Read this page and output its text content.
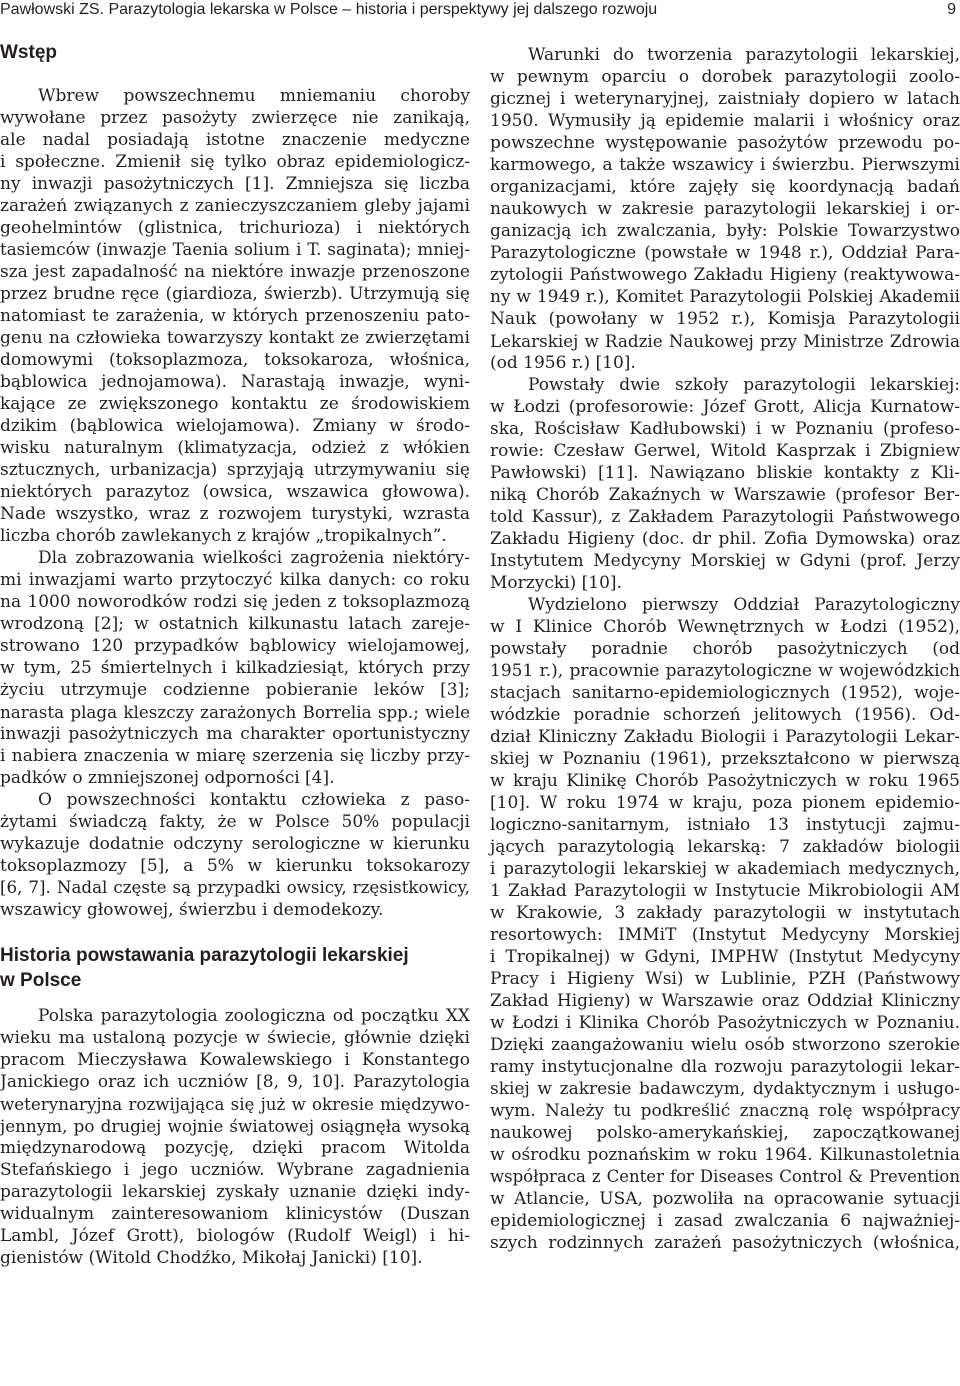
Pawłowski ZS. Parazytologia lekarska w Polsce – historia i perspektywy jej dalszego rozwoju	9
Wstęp
Wbrew powszechnemu mniemaniu choroby
wywołane przez pasożyty zwierzęce nie zanikają,
ale nadal posiadają istotne znaczenie medyczne
i społeczne. Zmienił się tylko obraz epidemiologicz-
ny inwazji pasożytniczych [1]. Zmniejsza się liczba
zarażeń związanych z zanieczyszczaniem gleby jajami
geohelmintów (glistnica, trichurioza) i niektórych
tasiemców (inwazje Taenia solium i T. saginata); mniej-
sza jest zapadalność na niektóre inwazje przenoszone
przez brudne ręce (giardioza, świerzb). Utrzymują się
natomiast te zarażenia, w których przenoszeniu pato-
genu na człowieka towarzyszy kontakt ze zwierzętami
domowymi (toksoplazmoza, toksokaroza, włośnica,
bąblowica jednojamowa). Narastają inwazje, wyni-
kające ze zwiększonego kontaktu ze środowiskiem
dzikim (bąblowica wielojamowa). Zmiany w środo-
wisku naturalnym (klimatyzacja, odzież z włókien
sztucznych, urbanizacja) sprzyjają utrzymywaniu się
niektórych parazytoz (owsica, wszawica głowowa).
Nade wszystko, wraz z rozwojem turystyki, wzrasta
liczba chorób zawlekanych z krajów „tropikalnych”.
Dla zobrazowania wielkości zagrożenia niektóry-
mi inwazjami warto przytoczyć kilka danych: co roku
na 1000 noworodków rodzi się jeden z toksoplazmozą
wrodzoną [2]; w ostatnich kilkunastu latach zareje-
strowano 120 przypadków bąblowicy wielojamowej,
w tym, 25 śmiertelnych i kilkadziesiąt, których przy
życiu utrzymuje codzienne pobieranie leków [3];
narasta plaga kleszczy zarażonych Borrelia spp.; wiele
inwazji pasożytniczych ma charakter oportunistyczny
i nabiera znaczenia w miarę szerzenia się liczby przy-
padków o zmniejszonej odporności [4].
O powszechności kontaktu człowieka z paso-
żytami świadczą fakty, że w Polsce 50% populacji
wykazuje dodatnie odczyny serologiczne w kierunku
toksoplazmozy [5], a 5% w kierunku toksokarozy
[6, 7]. Nadal częste są przypadki owsicy, rzęsistkowicy,
wszawicy głowowej, świerzbu i demodekozy.
Historia powstawania parazytologii lekarskiej
w Polsce
Polska parazytologia zoologiczna od początku XX
wieku ma ustaloną pozycje w świecie, głównie dzięki
pracom Mieczysława Kowalewskiego i Konstantego
Janickiego oraz ich uczniów [8, 9, 10]. Parazytologia
weterynaryjna rozwijająca się już w okresie międzywo-
jennym, po drugiej wojnie światowej osiągnęła wysoką
międzynarodową pozycję, dzięki pracom Witolda
Stefańskiego i jego uczniów. Wybrane zagadnienia
parazytologii lekarskiej zyskały uznanie dzięki indy-
widualnym zainteresowaniom klinicystów (Duszan
Lambl, Józef Grott), biologów (Rudolf Weigl) i hi-
gienistów (Witold Chodźko, Mikołaj Janicki) [10].
Warunki do tworzenia parazytologii lekarskiej,
w pewnym oparciu o dorobek parazytologii zoolo-
gicznej i weterynaryjnej, zaistniały dopiero w latach
1950. Wymusiły ją epidemie malarii i włośnicy oraz
powszechne występowanie pasożytów przewodu po-
karmowego, a także wszawicy i świerzbu. Pierwszymi
organizacjami, które zajęły się koordynacją badań
naukowych w zakresie parazytologii lekarskiej i or-
ganizacją ich zwalczania, były: Polskie Towarzystwo
Parazytologiczne (powstałe w 1948 r.), Oddział Para-
zytologii Państwowego Zakładu Higieny (reaktywowa-
ny w 1949 r.), Komitet Parazytologii Polskiej Akademii
Nauk (powołany w 1952 r.), Komisja Parazytologii
Lekarskiej w Radzie Naukowej przy Ministrze Zdrowia
(od 1956 r.) [10].
Powstały dwie szkoły parazytologii lekarskiej:
w Łodzi (profesorowie: Józef Grott, Alicja Kurnatow-
ska, Rościsław Kadłubowski) i w Poznaniu (profeso-
rowie: Czesław Gerwel, Witold Kasprzak i Zbigniew
Pawłowski) [11]. Nawiązano bliskie kontakty z Kli-
niką Chorób Zakaźnych w Warszawie (profesor Ber-
told Kassur), z Zakładem Parazytologii Państwowego
Zakładu Higieny (doc. dr phil. Zofia Dymowska) oraz
Instytutem Medycyny Morskiej w Gdyni (prof. Jerzy
Morzycki) [10].
Wydzielono pierwszy Oddział Parazytologiczny
w I Klinice Chorób Wewnętrznych w Łodzi (1952),
powstały poradnie chorób pasożytniczych (od
1951 r.), pracownie parazytologiczne w wojewódzkich
stacjach sanitarno-epidemiologicznych (1952), woje-
wódzkie poradnie schorzeń jelitowych (1956). Od-
dział Kliniczny Zakładu Biologii i Parazytologii Lekar-
skiej w Poznaniu (1961), przekształcono w pierwszą
w kraju Klinikę Chorób Pasożytniczych w roku 1965
[10]. W roku 1974 w kraju, poza pionem epidemio-
logiczno-sanitarnym, istniało 13 instytucji zajmu-
jących parazytologią lekarską: 7 zakładów biologii
i parazytologii lekarskiej w akademiach medycznych,
1 Zakład Parazytologii w Instytucie Mikrobiologii AM
w Krakowie, 3 zakłady parazytologii w instytutach
resortowych: IMMiT (Instytut Medycyny Morskiej
i Tropikalnej) w Gdyni, IMPHW (Instytut Medycyny
Pracy i Higieny Wsi) w Lublinie, PZH (Państwowy
Zakład Higieny) w Warszawie oraz Oddział Kliniczny
w Łodzi i Klinika Chorób Pasożytniczych w Poznaniu.
Dzięki zaangażowaniu wielu osób stworzono szerokie
ramy instytucjonalne dla rozwoju parazytologii lekar-
skiej w zakresie badawczym, dydaktycznym i usługo-
wym. Należy tu podkreślić znaczną rolę współpracy
naukowej polsko-amerykańskiej, zapoczątkowanej
w ośrodku poznańskim w roku 1964. Kilkunastoletnia
współpraca z Center for Diseases Control & Prevention
w Atlancie, USA, pozwoliła na opracowanie sytuacji
epidemiologicznej i zasad zwalczania 6 najważniej-
szych rodzinnych zarażeń pasożytniczych (włośnica,
